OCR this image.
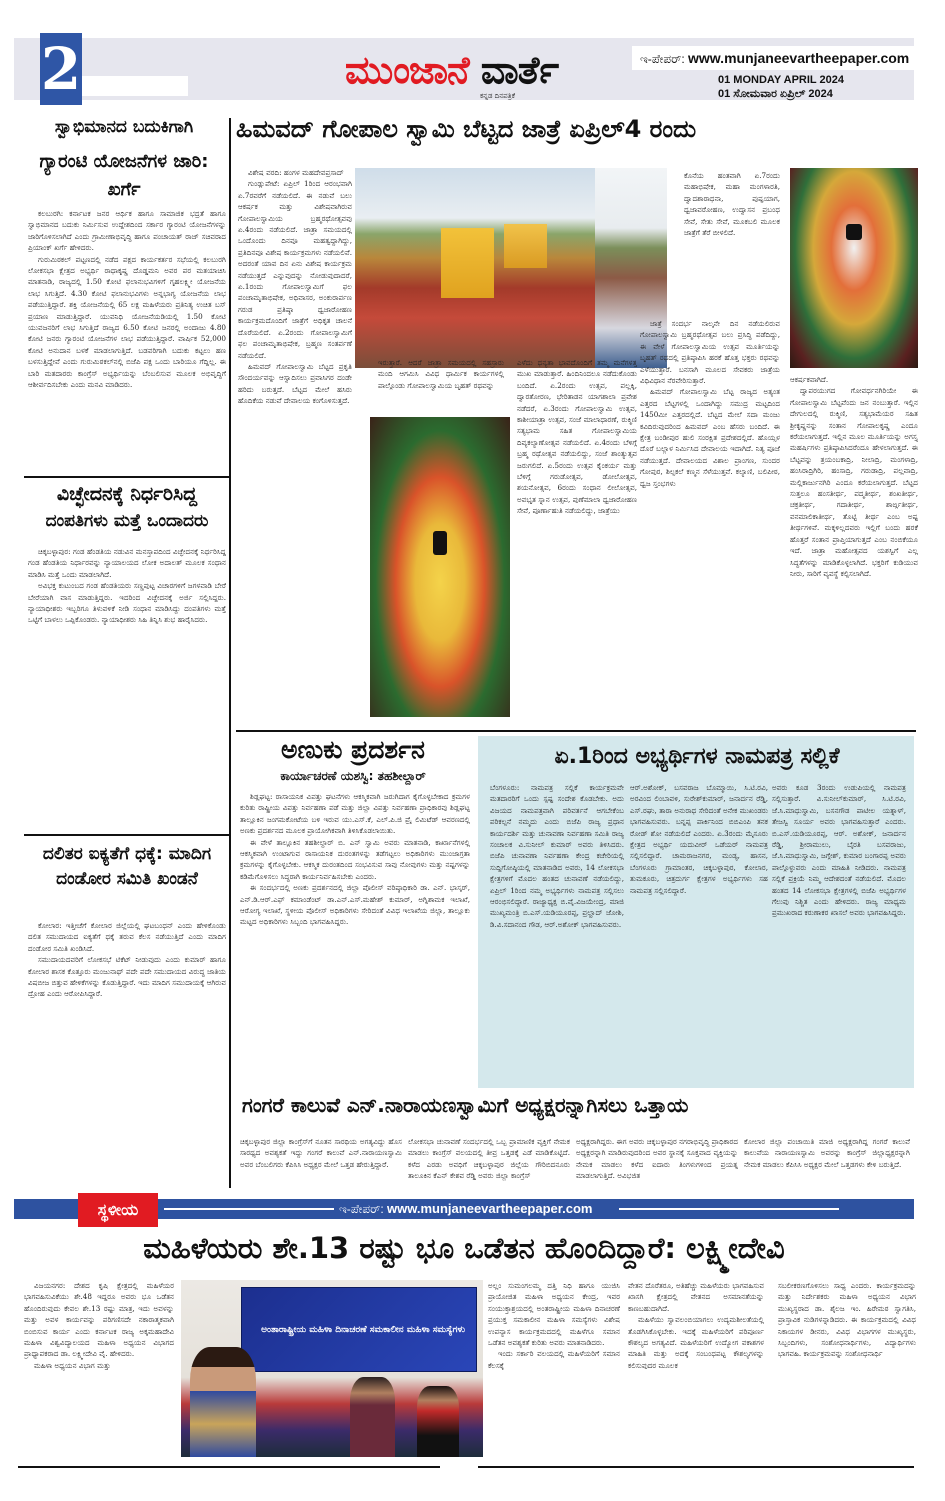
2	ಮುಂಜಾನೆ ವಾರ್ತೆ
ಕನ್ನಡ ದಿನಪತ್ರಿಕೆ
ಇ-ಪೇಪರ್: www.munjaneevartheepaper.com
01 MONDAY APRIL 2024
01 ಸೋಮವಾರ ಏಪ್ರಿಲ್ 2024
ಸ್ವಾಭಿಮಾನದ ಬದುಕಿಗಾಗಿ
ಗ್ಯಾರಂಟಿ ಯೋಜನೆಗಳ ಜಾರಿ: ಖರ್ಗೆ

ಕಲಬುರಗಿ: ಕರ್ನಾಟಕ ಜನರ ಆರ್ಥಿಕ ಹಾಗೂ ಸಾಮಾಜಿಕ ಭದ್ರತೆ ಹಾಗೂ ಸ್ವಾಭಿಮಾನದ ಬದುಕು ನಿರ್ಮಿಸುವ ಉದ್ದೇಶದಿಂದ ಸರ್ಕಾರ ಗ್ಯಾರಂಟಿ ಯೋಜನೆಗಳನ್ನು ಜಾರಿಗೊಳಿಸಲಾಗಿದೆ ಎಂದು ಗ್ರಾಮೀಣಾಭಿವೃದ್ಧಿ ಹಾಗೂ ಪಂಚಾಯತ್ ರಾಜ್ ಸಚಿವರಾದ ಪ್ರಿಯಾಂಕ್ ಖರ್ಗೆ ಹೇಳಿದರು.

ಗುರುಮಿಠಕಲ್ ಪಟ್ಟಣದಲ್ಲಿ ನಡೆದ ಪಕ್ಷದ ಕಾರ್ಯಕರ್ತರ ಸಭೆಯಲ್ಲಿ ಕಲಬುರಗಿ ಲೋಕಸಭಾ ಕ್ಷೇತ್ರದ ಅಭ್ಯರ್ಥಿ ರಾಧಾಕೃಷ್ಣ ದೊಡ್ಡಮನಿ ಅವರ ಪರ ಮತಯಾಚಿಸಿ ಮಾತನಾಡಿ, ರಾಜ್ಯದಲ್ಲಿ 1.50 ಕೋಟಿ ಫಲಾನುಭವಿಗಳಿಗೆ ಗೃಹಲಕ್ಷ್ಮೀ ಯೋಜನೆಯ ಲಾಭ ಸಿಗುತ್ತಿದೆ. 4.30 ಕೋಟಿ ಫಲಾನುಭವಿಗಳು ಅನ್ನಭಾಗ್ಯ ಯೋಜನೆಯ ಲಾಭ ಪಡೆಯುತ್ತಿದ್ದಾರೆ. ಶಕ್ತಿ ಯೋಜನೆಯಲ್ಲಿ 65 ಲಕ್ಷ ಮಹಿಳೆಯರು ಪ್ರತಿನಿತ್ಯ ಉಚಿತ ಬಸ್ ಪ್ರಯಾಣ ಮಾಡುತ್ತಿದ್ದಾರೆ. ಯುವನಿಧಿ ಯೋಜನೆಯಡಿಯಲ್ಲಿ 1.50 ಕೋಟಿ ಯುವಜನರಿಗೆ ಲಾಭ ಸಿಗುತ್ತಿದೆ ರಾಜ್ಯದ 6.50 ಕೋಟಿ ಜನರಲ್ಲಿ ಅಂದಾಜು 4.80 ಕೋಟಿ ಜನರು ಗ್ಯಾರಂಟಿ ಯೋಜನೆಗಳ ಲಾಭ ಪಡೆಯುತ್ತಿದ್ದಾರೆ. ವಾರ್ಷಿಕ 52,000 ಕೋಟಿ ಅನುದಾನ ಬಳಕೆ ಮಾಡಲಾಗುತ್ತಿದೆ. ಬಡವರಿಗಾಗಿ ಬದುಕು ಕಟ್ಟಲು ಹಣ ಬಳಸುತ್ತಿದ್ದೇವೆ ಎಂದು ಗುರುಮಿಠಕಲ್‌ನಲ್ಲಿ ಬಿಜೆಪಿ ಪಕ್ಷ ಒಂದು ಬಾರಿಯೂ ಗೆದ್ದಿಲ್ಲ. ಈ ಬಾರಿ ಮತದಾರರು ಕಾಂಗ್ರೆಸ್ ಅಭ್ಯರ್ಥಿಯನ್ನು ಬೆಂಬಲಿಸುವ ಮೂಲಕ ಅಭಿವೃದ್ಧಿಗೆ ಆಶೀರ್ವದಿಸಬೇಕು ಎಂದು ಮನವಿ ಮಾಡಿದರು.

ವಿಚ್ಛೇದನಕ್ಕೆ ನಿರ್ಧರಿಸಿದ್ದ
ದಂಪತಿಗಳು ಮತ್ತೆ ಒಂದಾದರು

ಚಿಕ್ಕಬಳ್ಳಾಪುರ: ಗಂಡ ಹೆಂಡತಿಯ ನಡುವಿನ ಮನಸ್ತಾಪದಿಂದ ವಿಚ್ಛೇದನಕ್ಕೆ ನಿರ್ಧರಿಸಿದ್ದ ಗಂಡ ಹೆಂಡತಿಯ ನಿರ್ಧಾರವನ್ನು ನ್ಯಾಯಾಲಯದ ಲೋಕ ಅದಾಲತ್ ಮೂಲಕ ಸಂಧಾನ ಮಾಡಿಸಿ ಮತ್ತೆ ಒಂದು ಮಾಡಲಾಗಿದೆ.

ಅವಿಭಕ್ತ ಕುಟುಂಬದ ಗಂಡ ಹೆಂಡತಿಯರು ಸಣ್ಣಪುಟ್ಟ ವಿಚಾರಗಳಿಗೆ ಜಗಳವಾಡಿ ಬೇರೆ ಬೇರೆಯಾಗಿ ವಾಸ ಮಾಡುತ್ತಿದ್ದರು. ಇದರಿಂದ ವಿಚ್ಛೇದನಕ್ಕೆ ಅರ್ಜಿ ಸಲ್ಲಿಸಿದ್ದರು. ನ್ಯಾಯಾಧೀಶರು ಇಬ್ಬರಿಗೂ ತಿಳುವಳಿಕೆ ನೀಡಿ ಸಂಧಾನ ಮಾಡಿಸಿದ್ದು ದಂಪತಿಗಳು ಮತ್ತೆ ಒಟ್ಟಿಗೆ ಬಾಳಲು ಒಪ್ಪಿಕೊಂಡರು. ನ್ಯಾಯಾಧೀಶರು ಸಿಹಿ ತಿನ್ನಿಸಿ ಶುಭ ಹಾರೈಸಿದರು.

ದಲಿತರ ಐಕ್ಯತೆಗೆ ಧಕ್ಕೆ: ಮಾದಿಗ ದಂಡೋರ ಸಮಿತಿ ಖಂಡನೆ

ಕೋಲಾರ: ಇತ್ತೀಚೆಗೆ ಕೋಲಾರ ಜಿಲ್ಲೆಯಲ್ಲಿ ಘಟಬಂಧನ್ ಎಂದು ಹೇಳಿಕೊಂಡು ದಲಿತ ಸಮುದಾಯದ ಐಕ್ಯತೆಗೆ ಧಕ್ಕೆ ತರುವ ಕೆಲಸ ನಡೆಯುತ್ತಿದೆ ಎಂದು ಮಾದಿಗ ದಂಡೋರ ಸಮಿತಿ ಖಂಡಿಸಿದೆ.

ಸಮುದಾಯದವರಿಗೆ ಲೋಕಸಭೆ ಟಿಕೆಟ್ ನೀಡುವುದು ಎಂದು ಕುಮಾರ್ ಹಾಗೂ ಕೋಲಾರ ಶಾಸಕ ಕೊತ್ತೂರು ಮಂಜುನಾಥ್ ಪದೇ ಪದೇ ಸಮುದಾಯದ ವಿರುದ್ಧ ಜಾತಿಯ ವಿಷಬೀಜ ಬಿತ್ತುವ ಹೇಳಿಕೆಗಳನ್ನು ಕೊಡುತ್ತಿದ್ದಾರೆ. ಇದು ಮಾದಿಗ ಸಮುದಾಯಕ್ಕೆ ಆಗಿರುವ ದ್ರೋಹ ಎಂದು ಆರೋಪಿಸಿದ್ದಾರೆ.

ಹಿಮವದ್ ಗೋಪಾಲ ಸ್ವಾಮಿ ಬೆಟ್ಟದ ಜಾತ್ರೆ ಏಪ್ರಿಲ್4 ರಂದು

ವಿಶೇಷ ವರದಿ: ಹಂಗಳ ಮಹದೇವಪ್ರಸಾದ್

ಗುಂಡ್ಲುಪೇಟೆ: ಏಪ್ರಿಲ್ 1ರಿಂದ ಆರಂಭವಾಗಿ ಏ.7ರವರೆಗೆ ನಡೆಯಲಿದೆ. ಈ ನಡುವೆ ಬಲು ಆಕರ್ಷಕ ಮತ್ತು ವಿಶೇಷವಾಗಿರುವ ಗೋಪಾಲಸ್ವಾಮಿಯ ಬ್ರಹ್ಮರಥೋತ್ಸವವು ಏ.4ರಂದು ನಡೆಯಲಿದೆ. ಜಾತ್ರಾ ಸಮಯದಲ್ಲಿ ಒಂದೊಂದು ದಿನವೂ ಮಹತ್ವದ್ದಾಗಿದ್ದು, ಪ್ರತಿದಿನವೂ ವಿಶೇಷ ಕಾರ್ಯಕ್ರಮಗಳು ನಡೆಯಲಿವೆ. ಅದರಂತೆ ಯಾವ ದಿನ ಏನು ವಿಶೇಷ ಕಾರ್ಯಕ್ರಮ ನಡೆಯುತ್ತದೆ ಎನ್ನುವುದನ್ನು ನೋಡುವುದಾದರೆ, ಏ.1ರಂದು ಗೋಪಾಲಸ್ವಾಮಿಗೆ ಫಲ ಪಂಚಾಮೃತಾಭಿಷೇಕ, ಅಧಿವಾಸರ, ಅಂಕುರಾರ್ಪಣ ಗರುಡ ಪ್ರತಿಷ್ಠಾ ಧ್ವಜಾರೋಹಣ ಕಾರ್ಯಕ್ರಮದೊಂದಿಗೆ ಜಾತ್ರೆಗೆ ಅಧಿಕೃತ ಚಾಲನೆ ದೊರೆಯಲಿದೆ. ಏ.2ರಂದು ಗೋಪಾಲಸ್ವಾಮಿಗೆ ಫಲ ಪಂಚಾಮೃತಾಭಿಷೇಕ, ಬ್ರಹ್ಮಣ ಸಂತರ್ಪಣೆ ನಡೆಯಲಿದೆ.

ಹಿಮವದ್ ಗೋಪಾಲಸ್ವಾಮಿ ಬೆಟ್ಟದ ಪ್ರಕೃತಿ ಸೌಂದರ್ಯವನ್ನು ಆಸ್ವಾದಿಸಲು ಪ್ರವಾಸಿಗರ ದಂಡೇ ಹರಿದು ಬರುತ್ತದೆ. ಬೆಟ್ಟದ ಮೇಲೆ ಹಸಿರು ಹೊದಿಕೆಯ ನಡುವೆ ದೇವಾಲಯ ಕಂಗೊಳಿಸುತ್ತದೆ.

ಇರುತ್ತಾರೆ. ಆದರೆ ಜಾತ್ರಾ ಸಮಯದಲ್ಲಿ ಸಹಸ್ರಾರು ಮಂದಿ ಆಗಮಿಸಿ ವಿವಿಧ ಧಾರ್ಮಿಕ ಕಾರ್ಯಗಳಲ್ಲಿ ಪಾಲ್ಗೊಂಡು ಗೋಪಾಲಸ್ವಾಮಿಯ ಬೃಹತ್ ರಥವನ್ನು
ಎಳೆದು ಧನ್ಯತಾ ಭಾವದೊಂದಿಗೆ ತಮ್ಮ ಮನೆಗಳತ್ತ ಮುಖ ಮಾಡುತ್ತಾರೆ. ಹಿಂದಿನಿಂದಲೂ ನಡೆದುಕೊಂಡು ಬಂದಿದೆ. ಏ.2ರಂದು ಉತ್ಸವ, ಪಲ್ಲಕ್ಕಿ, ದ್ವಾರತೋರಣ, ಭೇರಿತಾಡನ ಯಾಗಶಾಲಾ ಪ್ರವೇಶ ನಡೆದರೆ, ಏ.3ರಂದು ಗೋಪಾಲಸ್ವಾಮಿ ಉತ್ಸವ, ಕಾಶೀಯಾತ್ರಾ ಉತ್ಸವ, ಸಂಜೆ ಮಾಲಾಧಾರಣೆ, ರುಕ್ಮಿಣಿ ಸತ್ಯಭಾಮ ಸಹಿತ ಗೋಪಾಲಸ್ವಾಮಿಯ ದಿವ್ಯಕಲ್ಯಾಣೋತ್ಸವ ನಡೆಯಲಿದೆ. ಏ.4ರಂದು ಬೆಳಿಗ್ಗೆ ಬ್ರಹ್ಮ ರಥೋತ್ಸವ ನಡೆಯಲಿದ್ದು, ಸಂಜೆ ಶಾಂತ್ಯುತ್ಸವ ಜರುಗಲಿದೆ. ಏ.5ರಂದು ಉತ್ಸವ ಕೈಂಕರ್ಯ ಮತ್ತು ಬೆಳಿಗ್ಗೆ ಗರುಡೋತ್ಸವ, ಡೋಲೋತ್ಸವ, ಶಯನೋತ್ಸವ, 6ರಂದು ಸಂಧಾನ ಲೀಲೋತ್ಸವ, ಅವಭೃತ ಸ್ನಾನ ಉತ್ಸವ, ಪುಣೆಮಾಲಾ ಧ್ವಜಾರೋಹಣ ಸೇವೆ, ಪೂರ್ಣಾಹುತಿ ನಡೆಯಲಿದ್ದು, ಜಾತ್ರೆಯು
ಕೊನೆಯ ಹಂತವಾಗಿ ಏ.7ರಂದು ಮಹಾಭಿಷೇಕ, ಮಹಾ ಮಂಗಳಾರತಿ, ದ್ವಾದಶಾರಾಧನಾ, ಪುಷ್ಪಯಾಗ, ಧ್ವಜಾವರೋಹಣ, ಉದ್ವಾಸನ ಪ್ರಬಂಧ ಸೇವೆ, ಸೇತು ಸೇವೆ, ಮೂಕಬಲಿ ಮೂಲಕ ಜಾತ್ರೆಗೆ ತೆರೆ ಬೀಳಲಿದೆ.

ಜಾತ್ರೆ ಸಂದರ್ಭ ನಾಲ್ಕನೇ ದಿನ ನಡೆಯಲಿರುವ ಗೋಪಾಲಸ್ವಾಮಿ ಬ್ರಹ್ಮರಥೋತ್ಸವ ಬಲು ಪ್ರಸಿದ್ಧಿ ಪಡೆದಿದ್ದು, ಈ ವೇಳೆ ಗೋಪಾಲಸ್ವಾಮಿಯ ಉತ್ಸವ ಮೂರ್ತಿಯನ್ನು ಬೃಹತ್ ರಥದಲ್ಲಿ ಪ್ರತಿಷ್ಠಾಪಿಸಿ ಹರಕೆ ಹೊತ್ತ ಭಕ್ತರು ರಥವನ್ನು ಎಳೆಯುತ್ತಾರೆ. ಬನಸಾಗಿ ಮೂಲದ ಸೇವಕರು ಜಾತ್ರೆಯ ವಿಧಿವಿಧಾನ ನೆರವೇರಿಸುತ್ತಾರೆ.

ಹಿಮವದ್ ಗೋಪಾಲಸ್ವಾಮಿ ಬೆಟ್ಟ ರಾಜ್ಯದ ಅತ್ಯಂತ ಎತ್ತರದ ಬೆಟ್ಟಗಳಲ್ಲಿ ಒಂದಾಗಿದ್ದು ಸಮುದ್ರ ಮಟ್ಟದಿಂದ 1450ಮೀ ಎತ್ತರದಲ್ಲಿದೆ. ಬೆಟ್ಟದ ಮೇಲೆ ಸದಾ ಮಂಜು ಕವಿದಿರುವುದರಿಂದ ಹಿಮವದ್ ಎಂಬ ಹೆಸರು ಬಂದಿದೆ. ಈ ಕ್ಷೇತ್ರ ಬಂಡೀಪುರ ಹುಲಿ ಸಂರಕ್ಷಿತ ಪ್ರದೇಶದಲ್ಲಿದೆ. ಹೊಯ್ಸಳ ದೊರೆ ಬಲ್ಲಾಳ ನಿರ್ಮಿಸಿದ ದೇವಾಲಯ ಇದಾಗಿದೆ. ನಿತ್ಯ ಪೂಜೆ ನಡೆಯುತ್ತದೆ. ದೇವಾಲಯದ ವಿಶಾಲ ಪ್ರಾಂಗಣ, ಸುಂದರ ಗೋಪುರ, ಶಿಲ್ಪಕಲೆ ಕಣ್ಮನ ಸೆಳೆಯುತ್ತವೆ. ಕಲ್ಯಾಣಿ, ಬಲಿಪೀಠ, ಧ್ವಜ ಸ್ತಂಭಗಳು

ಆಕರ್ಷಕವಾಗಿದೆ.

ದ್ವಾಪರಯುಗದ ಗೋವರ್ಧನಗಿರಿಯೇ ಈ ಗೋಪಾಲಸ್ವಾಮಿ ಬೆಟ್ಟವೆಂದು ಜನ ನಂಬುತ್ತಾರೆ. ಇಲ್ಲಿನ ದೇಗುಲದಲ್ಲಿ ರುಕ್ಮಿಣಿ, ಸತ್ಯಭಾಮೆಯರ ಸಹಿತ ಶ್ರೀಕೃಷ್ಣನನ್ನು ಸಂತಾನ ಗೋಪಾಲಕೃಷ್ಣ ಎಂದೂ ಕರೆಯಲಾಗುತ್ತದೆ. ಇಲ್ಲಿನ ಮೂಲ ಮೂರ್ತಿಯನ್ನು ಅಗಸ್ತ್ಯ ಮಹರ್ಷಿಗಳು ಪ್ರತಿಷ್ಠಾಪಿಸಿದರೆಂದೂ ಹೇಳಲಾಗುತ್ತದೆ. ಈ ಬೆಟ್ಟವನ್ನು ತ್ರಯಂಬಕಾದ್ರಿ, ನೀಲಾದ್ರಿ, ಮಂಗಳಾದ್ರಿ, ಹಂಸಿರಾದ್ರಿಗಿರಿ, ಹಂಸಾದ್ರಿ, ಗರುಡಾದ್ರಿ, ಪಲ್ಲವಾದ್ರಿ, ಮಲ್ಲಿಕಾರ್ಜುನಗಿರಿ ಎಂದೂ ಕರೆಯಲಾಗುತ್ತದೆ. ಬೆಟ್ಟದ ಸುತ್ತಲೂ ಹಂಸತೀರ್ಥ, ಪದ್ಮತೀರ್ಥ, ಶಂಖತೀರ್ಥ, ಚಕ್ರತೀರ್ಥ, ಗದಾತೀರ್ಥ, ಶಾರ್ಙ್ಗತೀರ್ಥ, ವನಮಾಲಿಕಾತೀರ್ಥ, ತೊಟ್ಟಿ ತೀರ್ಥ ಎಂಬ ಅಷ್ಟ ತೀರ್ಥಗಳಿವೆ. ಮಕ್ಕಳಿಲ್ಲದವರು ಇಲ್ಲಿಗೆ ಬಂದು ಹರಕೆ ಹೊತ್ತರೆ ಸಂತಾನ ಪ್ರಾಪ್ತಿಯಾಗುತ್ತದೆ ಎಂಬ ನಂಬಿಕೆಯೂ ಇದೆ. ಜಾತ್ರಾ ಮಹೋತ್ಸವದ ಯಶಸ್ವಿಗೆ ಎಲ್ಲ ಸಿದ್ಧತೆಗಳನ್ನು ಮಾಡಿಕೊಳ್ಳಲಾಗಿದೆ. ಭಕ್ತರಿಗೆ ಕುಡಿಯುವ ನೀರು, ಸಾರಿಗೆ ವ್ಯವಸ್ಥೆ ಕಲ್ಪಿಸಲಾಗಿದೆ.

ಅಣುಕು ಪ್ರದರ್ಶನ
ಕಾರ್ಯಾಚರಣೆ ಯಶಸ್ವಿ: ತಹಶೀಲ್ದಾರ್

ಶಿಡ್ಲಘಟ್ಟ: ರಾಸಾಯನಿಕ ವಿಪತ್ತು ಘಟನೆಗಳು ಆಕಸ್ಮಿಕವಾಗಿ ಜರುಗಿದಾಗ ಕೈಗೊಳ್ಳಬೇಕಾದ ಕ್ರಮಗಳ ಕುರಿತು ರಾಷ್ಟ್ರೀಯ ವಿಪತ್ತು ನಿರ್ವಹಣಾ ಪಡೆ ಮತ್ತು ಜಿಲ್ಲಾ ವಿಪತ್ತು ನಿರ್ವಹಣಾ ಪ್ರಾಧಿಕಾರವು ಶಿಡ್ಲಘಟ್ಟ ತಾಲ್ಲೂಕಿನ ಜಂಗಮಕೋಟೆಯ ಬಳಿ ಇರುವ ಯು.ಎಸ್.ಕೆ, ಎಲ್.ಪಿ.ಜಿ ಪ್ರೈ ಲಿಮಿಟೆಡ್ ಆವರಣದಲ್ಲಿ ಅಣಕು ಪ್ರದರ್ಶನದ ಮೂಲಕ ಪ್ರಾಯೋಗಿಕವಾಗಿ ತಿಳಿಸಿಕೊಡಲಾಯಿತು.

ಈ ವೇಳೆ ತಾಲ್ಲೂಕಿನ ತಹಶೀಲ್ದಾರ್ ಬಿ. ಎನ್ ಸ್ವಾಮಿ ಅವರು ಮಾತನಾಡಿ, ಕಾರ್ಖಾನೆಗಳಲ್ಲಿ ಆಕಸ್ಮಿಕವಾಗಿ ಉಂಟಾಗುವ ರಾಸಾಯನಿಕ ದುರಂತಗಳನ್ನು ತಡೆಗಟ್ಟಲು ಅಧಿಕಾರಿಗಳು ಮುಂಜಾಗ್ರತಾ ಕ್ರಮಗಳನ್ನು ಕೈಗೊಳ್ಳಬೇಕು. ಆಕಸ್ಮಿಕ ದುರಂತದಿಂದ ಸಂಭವಿಸುವ ಸಾವು ನೋವುಗಳು ಮತ್ತು ನಷ್ಟಗಳನ್ನು ಕಡಿಮೆಗೊಳಿಸಲು ಸಿದ್ಧರಾಗಿ ಕಾರ್ಯನಿರ್ವಹಿಸಬೇಕು ಎಂದರು.

ಈ ಸಂದರ್ಭದಲ್ಲಿ ಅಣಕು ಪ್ರದರ್ಶನದಲ್ಲಿ ಜಿಲ್ಲಾ ಪೊಲೀಸ್ ವರಿಷ್ಠಾಧಿಕಾರಿ ಡಾ. ಎನ್. ಭಾಸ್ಕರ್, ಎನ್.ಡಿ.ಆರ್.ಎಫ್ ಕಮಾಂಡೆಂಟ್ ಡಾ.ಎನ್.ಎಸ್.ಮಹೇಶ್ ಕುಮಾರ್, ಅಗ್ನಿಶಾಮಕ ಇಲಾಖೆ, ಆರೋಗ್ಯ ಇಲಾಖೆ, ಸ್ಥಳೀಯ ಪೊಲೀಸ್ ಅಧಿಕಾರಿಗಳು ಸೇರಿದಂತೆ ವಿವಿಧ ಇಲಾಖೆಯ ಜಿಲ್ಲಾ, ತಾಲ್ಲೂಕು ಮಟ್ಟದ ಅಧಿಕಾರಿಗಳು ಸಿಬ್ಬಂದಿ ಭಾಗವಹಿಸಿದ್ದರು.

ಏ.1ರಿಂದ ಅಭ್ಯರ್ಥಿಗಳ ನಾಮಪತ್ರ ಸಲ್ಲಿಕೆ
ಬೆಂಗಳೂರು: ನಾಮಪತ್ರ ಸಲ್ಲಿಕೆ ಕಾರ್ಯಕ್ರಮವೇ ಮತದಾರರಿಗೆ ಒಂದು ಸ್ಪಷ್ಟ ಸಂದೇಶ ಕೊಡಬೇಕು. ಅದು ವಿಜಯದ ನಾಮಪತ್ರವಾಗಿ ಪರಿವರ್ತನೆ ಆಗಬೇಕೆಂಬ ಪರಿಕಲ್ಪನೆ ನಮ್ಮದು ಎಂದು ಬಿಜೆಪಿ ರಾಜ್ಯ ಪ್ರಧಾನ ಕಾರ್ಯದರ್ಶಿ ಮತ್ತು ಚುನಾವಣಾ ನಿರ್ವಹಣಾ ಸಮಿತಿ ರಾಜ್ಯ ಸಂಚಾಲಕ ವಿ.ಸುನೀಲ್ ಕುಮಾರ್ ಅವರು ತಿಳಿಸಿದರು. ಬಿಜೆಪಿ ಚುನಾವಣಾ ನಿರ್ವಹಣಾ ಕೇಂದ್ರ ಕಚೇರಿಯಲ್ಲಿ ಸುದ್ದಿಗೋಷ್ಠಿಯಲ್ಲಿ ಮಾತನಾಡಿದ ಅವರು, 14 ಲೋಕಸಭಾ ಕ್ಷೇತ್ರಗಳಿಗೆ ಮೊದಲ ಹಂತದ ಚುನಾವಣೆ ನಡೆಯಲಿದ್ದು, ಏಪ್ರಿಲ್ 1ರಿಂದ ನಮ್ಮ ಅಭ್ಯರ್ಥಿಗಳು ನಾಮಪತ್ರ ಸಲ್ಲಿಸಲು ಆರಂಭಿಸಲಿದ್ದಾರೆ. ರಾಜ್ಯಾಧ್ಯಕ್ಷ ಬಿ.ವೈ.ವಿಜಯೇಂದ್ರ, ಮಾಜಿ ಮುಖ್ಯಮಂತ್ರಿ ಬಿ.ಎಸ್.ಯಡಿಯೂರಪ್ಪ, ಪ್ರಲ್ಹಾದ್ ಜೋಶಿ, ಡಿ.ವಿ.ಸದಾನಂದ ಗೌಡ, ಆರ್.ಅಶೋಕ್ ಭಾಗವಹಿಸುವರು.
ಆರ್.ಅಶೋಕ್, ಬಸವರಾಜ ಬೊಮ್ಮಾಯಿ, ಸಿ.ಟಿ.ರವಿ, ಅರವಿಂದ ಲಿಂಬಾವಳಿ, ಸುರೇಶ್‌ಕುಮಾರ್, ಜನಾರ್ದನ ರೆಡ್ಡಿ, ಎಸ್.ರಘು, ತಾರಾ ಅನುರಾಧ ಸೇರಿದಂತೆ ಅನೇಕ ಮುಖಂಡರು ಭಾಗವಹಿಸುವರು. ಬನ್ನಪ್ಪ ಪಾರ್ಕಿನಿಂದ ಬಿಬಿಎಂಪಿ ತನಕ ರೋಡ್ ಶೋ ನಡೆಯಲಿದೆ ಎಂದರು. ಏ.3ರಂದು ಮೈಸೂರು ಕ್ಷೇತ್ರದ ಅಭ್ಯರ್ಥಿ ಯದುವೀರ್ ಒಡೆಯರ್ ನಾಮಪತ್ರ ಸಲ್ಲಿಸಲಿದ್ದಾರೆ. ಚಾಮರಾಜನಗರ, ಮಂಡ್ಯ, ಹಾಸನ, ಬೆಂಗಳೂರು ಗ್ರಾಮಾಂತರ, ಚಿಕ್ಕಬಳ್ಳಾಪುರ, ಕೋಲಾರ, ತುಮಕೂರು, ಚಿತ್ರದುರ್ಗ ಕ್ಷೇತ್ರಗಳ ಅಭ್ಯರ್ಥಿಗಳು ಸಹ ನಾಮಪತ್ರ ಸಲ್ಲಿಸಲಿದ್ದಾರೆ.
ಅವರು ಕೂಡ 3ರಂದು ಉಡುಪಿಯಲ್ಲಿ ನಾಮಪತ್ರ ಸಲ್ಲಿಸುತ್ತಾರೆ. ವಿ.ಸುನೀಲ್‌ಕುಮಾರ್, ಸಿ.ಟಿ.ರವಿ, ಜೆ.ಸಿ.ಮಾಧುಸ್ವಾಮಿ, ಬಸನಗೌಡ ಪಾಟೀಲ ಯತ್ನಾಳ್, ತೇಜಸ್ವಿ ಸೂರ್ಯ ಅವರು ಭಾಗವಹಿಸುತ್ತಾರೆ ಎಂದರು. ಬಿ.ಎಸ್.ಯಡಿಯೂರಪ್ಪ, ಆರ್. ಅಶೋಕ್, ಜನಾರ್ದನ ರೆಡ್ಡಿ, ಶ್ರೀರಾಮುಲು, ಬೈರತಿ ಬಸವರಾಜು, ಜೆ.ಸಿ.ಮಾಧುಸ್ವಾಮಿ, ಜಗ್ಗೇಶ್, ಕುಮಾರ ಬಂಗಾರಪ್ಪ ಅವರು ಪಾಲ್ಗೊಳ್ಳುವರು ಎಂದು ಮಾಹಿತಿ ನೀಡಿದರು. ನಾಮಪತ್ರ ಸಲ್ಲಿಕೆ ಪ್ರಕ್ರಿಯೆ ನಿಮ್ಮ ಆದೇಶದಂತೆ ನಡೆಯಲಿದೆ. ಮೊದಲ ಹಂತದ 14 ಲೋಕಸಭಾ ಕ್ಷೇತ್ರಗಳಲ್ಲಿ ಬಿಜೆಪಿ ಅಭ್ಯರ್ಥಿಗಳ ಗೆಲುವು ನಿಶ್ಚಿತ ಎಂದು ಹೇಳಿದರು. ರಾಜ್ಯ ಮಾಧ್ಯಮ ಪ್ರಮುಖರಾದ ಕರುಣಾಕರ ಖಾಸಲೆ ಅವರು ಭಾಗವಹಿಸಿದ್ದರು.
ಗಂಗರೆ ಕಾಲುವೆ ಎನ್.ನಾರಾಯಣಸ್ವಾಮಿಗೆ ಅಧ್ಯಕ್ಷರನ್ನಾಗಿಸಲು ಒತ್ತಾಯ
ಚಿಕ್ಕಬಳ್ಳಾಪುರ ಜಿಲ್ಲಾ ಕಾಂಗ್ರೆಸ್‌ಗೆ ನೂತನ ಸಾರಥಿಯ ಅಗತ್ಯವಿದ್ದು ಹೊಸ ಸಾರಥ್ಯದ ಅವಶ್ಯಕತೆ ಇದ್ದು ಗಂಗರೆ ಕಾಲುವೆ ಎನ್.ನಾರಾಯಣಸ್ವಾಮಿ ಅವರ ಬೆಂಬಲಿಗರು ಕೆಪಿಸಿಸಿ ಅಧ್ಯಕ್ಷರ ಮೇಲೆ ಒತ್ತಡ ಹೇರುತ್ತಿದ್ದಾರೆ.
ಲೋಕಸಭಾ ಚುನಾವಣೆ ಸಂದರ್ಭದಲ್ಲಿ ಒಬ್ಬ ಪ್ರಾಮಾಣಿಕ ವ್ಯಕ್ತಿಗೆ ನೇಮಕ ಮಾಡಲು ಕಾಂಗ್ರೆಸ್ ವಲಯದಲ್ಲಿ ತೀವ್ರ ಒತ್ತಡಕ್ಕೆ ಎಡೆ ಮಾಡಿಕೊಟ್ಟಿದೆ. ಕಳೆದ ಎರಡು ಅವಧಿಗೆ ಚಿಕ್ಕಬಳ್ಳಾಪುರ ಜಿಲ್ಲೆಯ ಗೌರಿಬಿದನೂರು ತಾಲೂಕಿನ ಕೆಎನ್ ಕೇಶವ ರೆಡ್ಡಿ ಅವರು ಜಿಲ್ಲಾ ಕಾಂಗ್ರೆಸ್
ಅಧ್ಯಕ್ಷರಾಗಿದ್ದರು. ಈಗ ಅವರು ಚಿಕ್ಕಬಳ್ಳಾಪುರ ನಗರಾಭಿವೃದ್ಧಿ ಪ್ರಾಧಿಕಾರದ ಅಧ್ಯಕ್ಷರನ್ನಾಗಿ ಮಾಡಿರುವುದರಿಂದ ಅವರ ಸ್ಥಾನಕ್ಕೆ ಸೂಕ್ತವಾದ ವ್ಯಕ್ತಿಯನ್ನು ನೇಮಕ ಮಾಡಲು ಕಳೆದ ಐದಾರು ತಿಂಗಳುಗಳಿಂದ ಪ್ರಯತ್ನ ಮಾಡಲಾಗುತ್ತಿದೆ. ಅವಿಭಜಿತ
ಕೋಲಾರ ಜಿಲ್ಲಾ ಪಂಚಾಯಿತಿ ಮಾಜಿ ಅಧ್ಯಕ್ಷರಾಗಿದ್ದ ಗಂಗರೆ ಕಾಲುವೆ ಕಾಲುವೆಯ ನಾರಾಯಣಸ್ವಾಮಿ ಅವರನ್ನು ಕಾಂಗ್ರೆಸ್ ಜಿಲ್ಲಾಧ್ಯಕ್ಷರನ್ನಾಗಿ ನೇಮಕ ಮಾಡಲು ಕೆಪಿಸಿಸಿ ಅಧ್ಯಕ್ಷರ ಮೇಲೆ ಒತ್ತಡಗಳು ಕೇಳಿ ಬರುತ್ತಿದೆ.
ಇ-ಪೇಪರ್: www.munjaneevartheepaper.com
ಸ್ಥಳೀಯ
ಮಹಿಳೆಯರು ಶೇ.13 ರಷ್ಟು ಭೂ ಒಡೆತನ ಹೊಂದಿದ್ದಾರೆ: ಲಕ್ಷ್ಮೀದೇವಿ

ವಿಜಯನಗರ: ದೇಶದ ಕೃಷಿ ಕ್ಷೇತ್ರದಲ್ಲಿ ಮಹಿಳೆಯರ ಭಾಗವಹಿಸುವಿಕೆಯು ಶೇ.48 ಇದ್ದರೂ ಅವರು ಭೂ ಒಡೆತನ ಹೊಂದಿರುವುದು ಕೇವಲ ಶೇ.13 ರಷ್ಟು ಮಾತ್ರ, ಇದು ಅವಳನ್ನು ಮತ್ತು ಅವಳ ಕಾರ್ಯವನ್ನು ಪರಿಗಣಿಸದೇ ನಕಾರಾತ್ಮಕವಾಗಿ ಬಿಂಬಿಸುವ ಕಾರ್ಯ ಎಂದು ಕರ್ನಾಟಕ ರಾಜ್ಯ ಅಕ್ಕಮಹಾದೇವಿ ಮಹಿಳಾ ವಿಶ್ವವಿದ್ಯಾಲಯದ ಮಹಿಳಾ ಅಧ್ಯಯನ ವಿಭಾಗದ ಪ್ರಾಧ್ಯಾಪಕರಾದ ಡಾ. ಲಕ್ಷ್ಮೀದೇವಿ ವೈ. ಹೇಳಿದರು.

ಮಹಿಳಾ ಅಧ್ಯಯನ ವಿಭಾಗ ಮತ್ತು

ಅಂತಾರಾಷ್ಟ್ರೀಯ ಮಹಿಳಾ ದಿನಾಚರಣೆ ಸಮಕಾಲೀನ ಮಹಿಳಾ ಸಮಸ್ಯೆಗಳು

ಅಲ್ಲಂ ಸುಮಂಗಲಮ್ಮ ದತ್ತಿ ನಿಧಿ ಹಾಗೂ ಯುಜಿಸಿ ಪ್ರಾಯೋಜಿತ ಮಹಿಳಾ ಅಧ್ಯಯನ ಕೇಂದ್ರ, ಇವರ ಸಂಯುಕ್ತಾಶ್ರಯದಲ್ಲಿ ಅಂತರಾಷ್ಟ್ರೀಯ ಮಹಿಳಾ ದಿನಾಚರಣೆ ಪ್ರಯುಕ್ತ ಸಮಕಾಲೀನ ಮಹಿಳಾ ಸಮಸ್ಯೆಗಳು ವಿಶೇಷ ಉಪನ್ಯಾಸ ಕಾರ್ಯಕ್ರಮದದಲ್ಲಿ ಮಹಿಳೆಗೂ ಸಮಾನ ಒಡೆತನ ಅವಶ್ಯಕತೆ ಕುರಿತು ಅವರು ಮಾತನಾಡಿದರು.

ಇಂದು ಸರ್ಕಾರಿ ವಲಯದಲ್ಲಿ ಮಹಿಳೆಯರಿಗೆ ಸಮಾನ ಕೆಲಸಕ್ಕೆ

ವೇತನ ದೊರೆತರೂ, ಅತಿಹೆಚ್ಚು ಮಹಿಳೆಯರು ಭಾಗವಹಿಸುವ ಖಾಸಗಿ ಕ್ಷೇತ್ರದಲ್ಲಿ ವೇತನದ ಅಸಮಾನತೆಯನ್ನು ಕಾಣಬಹುದಾಗಿದೆ.

ಮಹಿಳೆಯು ಸ್ವಾವಲಂಬಿಯಾಗಲು ಉದ್ಯಮಶೀಲತೆಯಲ್ಲಿ ತೊಡಗಿಸಿಕೊಳ್ಳಬೇಕು. ಇದಕ್ಕೆ ಮಹಿಳೆಯರಿಗೆ ಪರಿಪೂರ್ಣ ಕೌಶಲ್ಯದ ಅಗತ್ಯವಿದೆ. ಮಹಿಳೆಯರಿಗೆ ಉದ್ಯೋಗ ವಕಾಶಗಳ ಮಾಹಿತಿ ಮತ್ತು ಅದಕ್ಕೆ ಸಂಬಂಧಪಟ್ಟ ಕೌಶಲ್ಯಗಳನ್ನು ಕಲಿಸುವುದರ ಮೂಲಕ

ಸಬಲೀಕರಣಗೊಳಿಸಲು ಸಾಧ್ಯ ಎಂದರು. ಕಾರ್ಯಕ್ರಮದನ್ನು ಮತ್ತು ನಿರ್ದೇಶಕರು ಮಹಿಳಾ ಅಧ್ಯಯನ ವಿಭಾಗ ಮುಖ್ಯಸ್ಥರಾದ ಡಾ. ಶೈಲಜ ಇಂ. ಹಿರೇಮಠ ಸ್ವಾಗತಿಸಿ, ಪ್ರಾಸ್ತಾವಿಕ ನುಡಿಗಳನ್ನಾಡಿದರು. ಈ ಕಾರ್ಯಕ್ರಮದಲ್ಲಿ ವಿವಿಧ ನಿಕಾಯಗಳ ಡೀನರು, ವಿವಿಧ ವಿಭಾಗಗಳ ಮುಖ್ಯಸ್ಥರು, ಸಿಬ್ಬಂದಿಗಳು, ಸಂಶೋಧನಾರ್ಥಿಗಳು, ವಿದ್ಯಾರ್ಥಿಗಳು ಭಾಗವಹಿ. ಕಾರ್ಯಕ್ರಮವನ್ನು ಸಂಶೋಧನಾರ್ಥಿ
